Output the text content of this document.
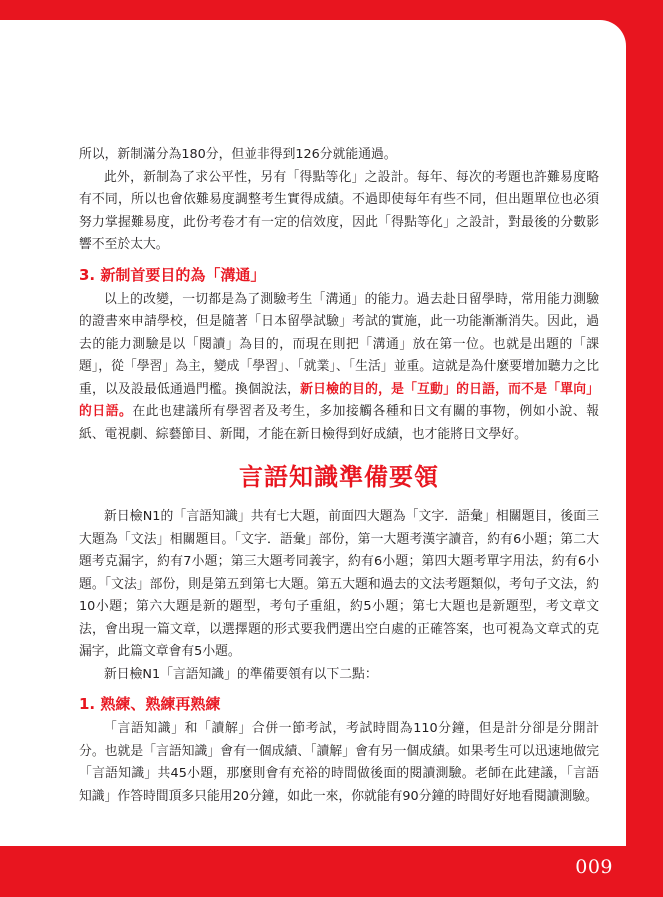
009

所以，新制滿分為180分，但並非得到126分就能通過。

此外，新制為了求公平性，另有「得點等化」之設計。每年、每次的考題也許難易度略有不同，所以也會依難易度調整考生實得成績。不過即使每年有些不同，但出題單位也必須努力掌握難易度，此份考卷才有一定的信效度，因此「得點等化」之設計，對最後的分數影響不至於太大。

3. 新制首要目的為「溝通」

以上的改變，一切都是為了測驗考生「溝通」的能力。過去赴日留學時，常用能力測驗的證書來申請學校，但是隨著「日本留學試驗」考試的實施，此一功能漸漸消失。因此，過去的能力測驗是以「閱讀」為目的，而現在則把「溝通」放在第一位。也就是出題的「課題」，從「學習」為主，變成「學習」、「就業」、「生活」並重。這就是為什麼要增加聽力之比重，以及設最低通過門檻。換個說法，新日檢的目的，是「互動」的日語，而不是「單向」的日語。在此也建議所有學習者及考生，多加接觸各種和日文有關的事物，例如小說、報紙、電視劇、綜藝節目、新聞，才能在新日檢得到好成績，也才能將日文學好。

言語知識準備要領

新日檢N1的「言語知識」共有七大題，前面四大題為「文字．語彙」相關題目，後面三大題為「文法」相關題目。「文字．語彙」部份，第一大題考漢字讀音，約有6小題；第二大題考克漏字，約有7小題；第三大題考同義字，約有6小題；第四大題考單字用法，約有6小題。「文法」部份，則是第五到第七大題。第五大題和過去的文法考題類似，考句子文法，約10小題；第六大題是新的題型，考句子重組，約5小題；第七大題也是新題型，考文章文法，會出現一篇文章，以選擇題的形式要我們選出空白處的正確答案，也可視為文章式的克漏字，此篇文章會有5小題。

新日檢N1「言語知識」的準備要領有以下二點：

1. 熟練、熟練再熟練

「言語知識」和「讀解」合併一節考試，考試時間為110分鐘，但是計分卻是分開計分。也就是「言語知識」會有一個成績、「讀解」會有另一個成績。如果考生可以迅速地做完「言語知識」共45小題，那麼則會有充裕的時間做後面的閱讀測驗。老師在此建議，「言語知識」作答時間頂多只能用20分鐘，如此一來，你就能有90分鐘的時間好好地看閱讀測驗。
